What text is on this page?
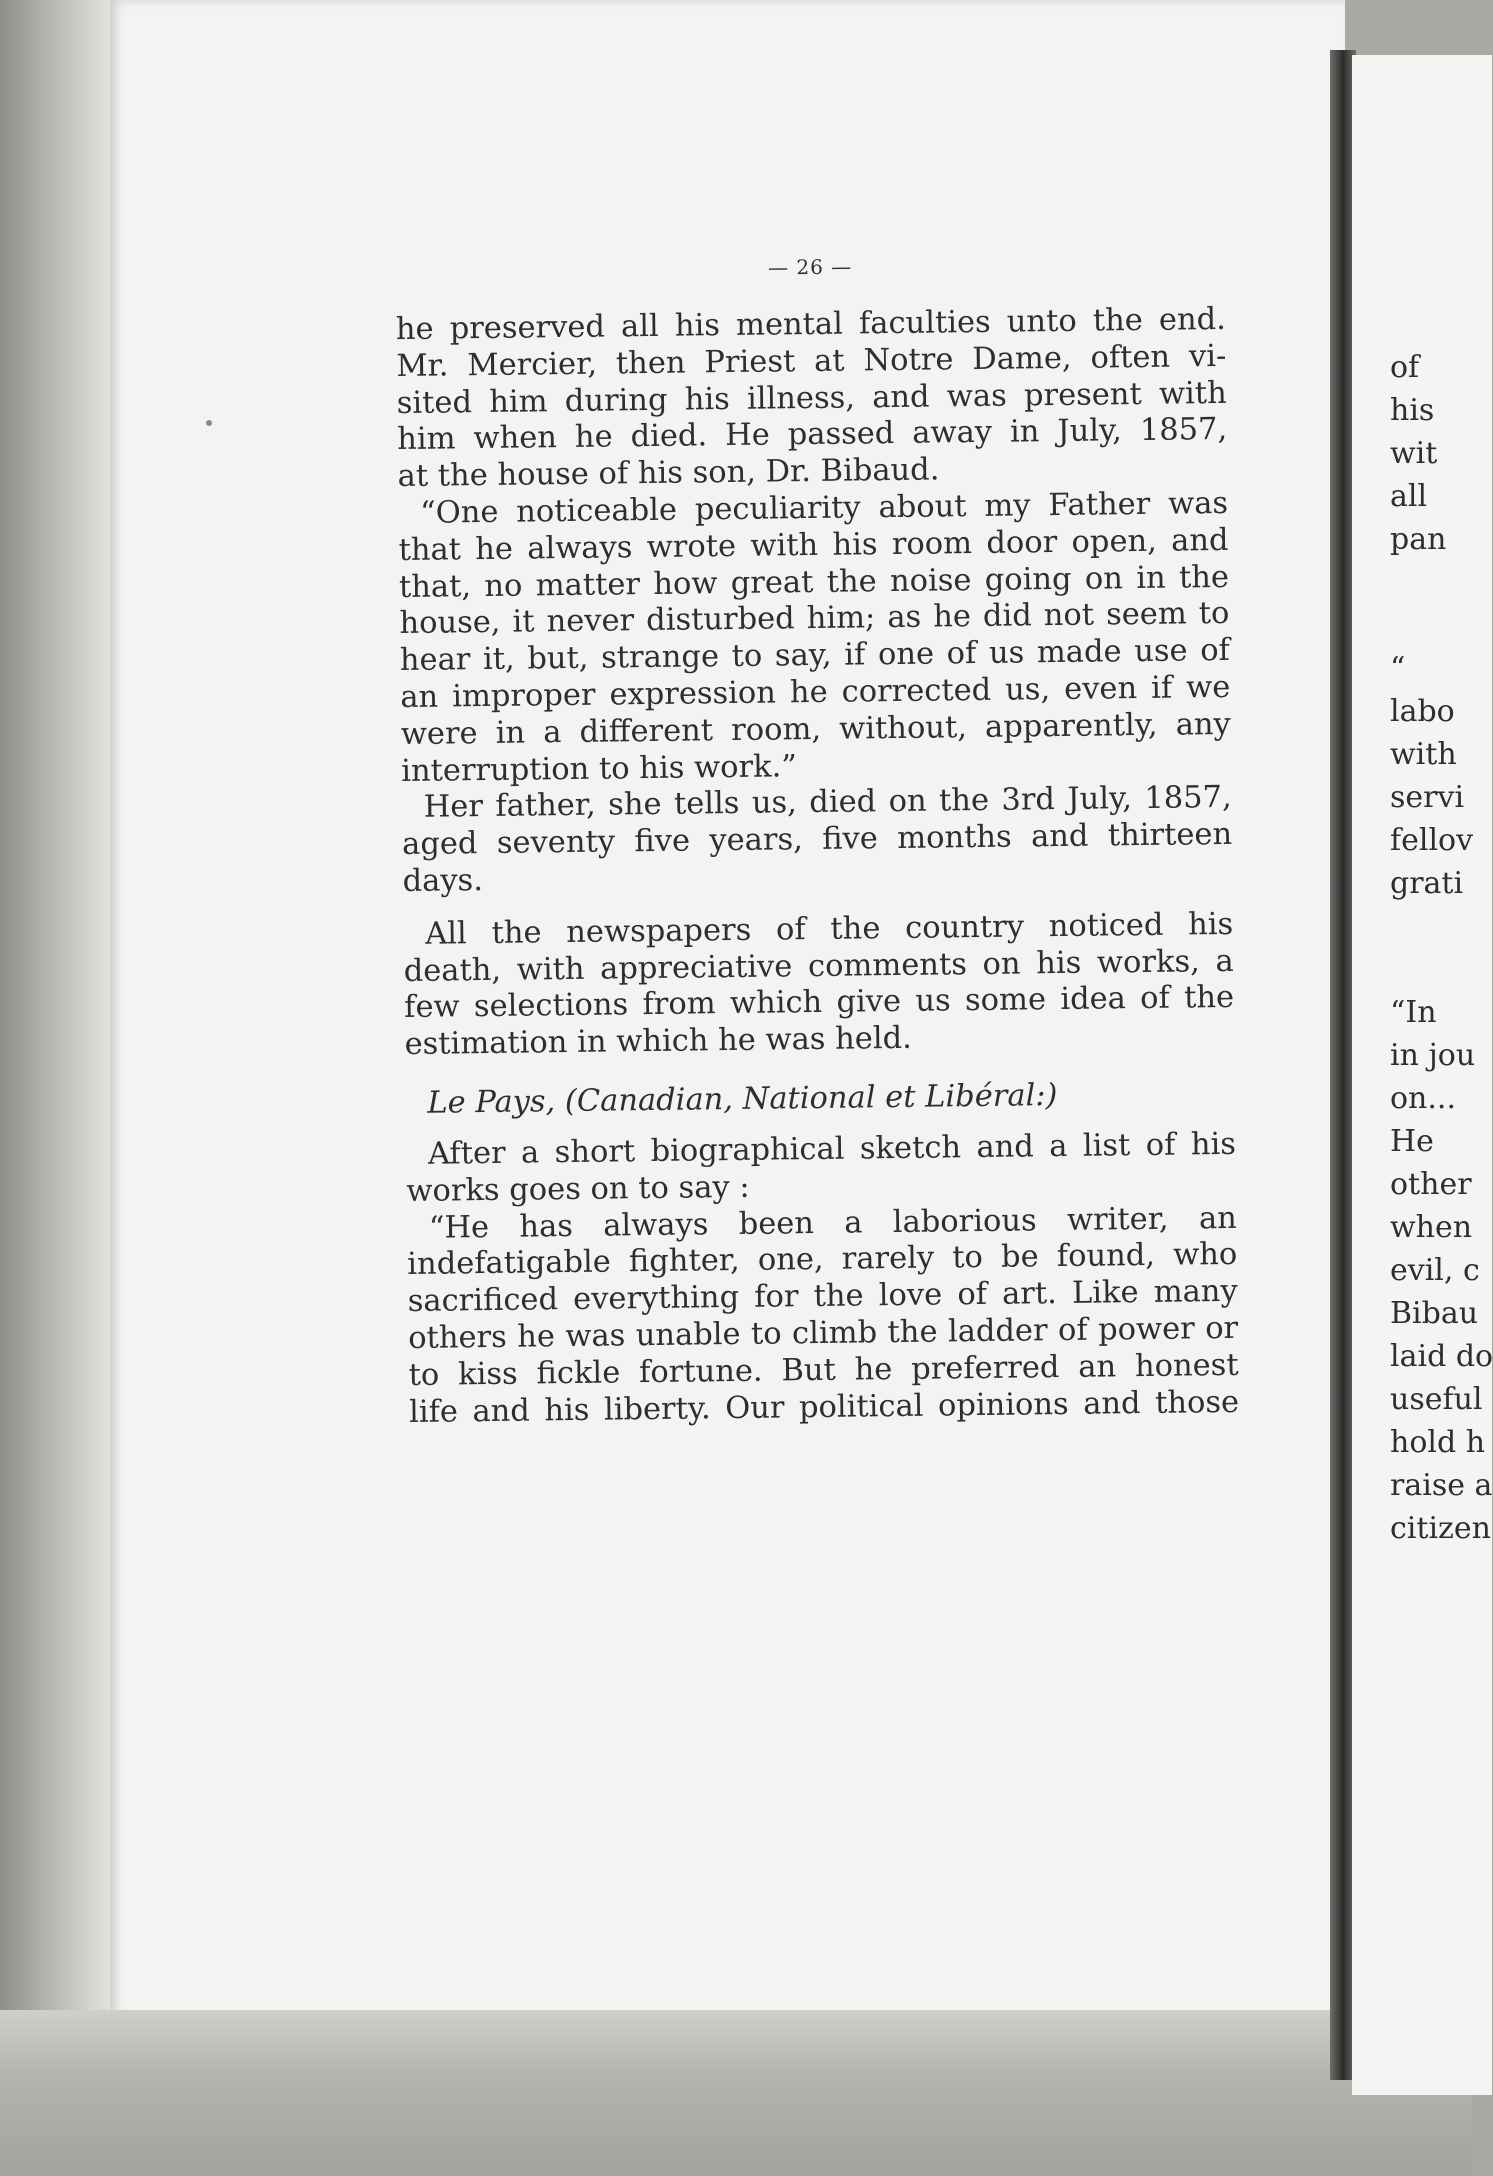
— 26 —
he preserved all his mental faculties unto the end.
Mr. Mercier, then Priest at Notre Dame, often vi-
sited him during his illness, and was present with
him when he died. He passed away in July, 1857,
at the house of his son, Dr. Bibaud.
“One noticeable peculiarity about my Father was
that he always wrote with his room door open, and
that, no matter how great the noise going on in the
house, it never disturbed him; as he did not seem to
hear it, but, strange to say, if one of us made use of
an improper expression he corrected us, even if we
were in a different room, without, apparently, any
interruption to his work.”
Her father, she tells us, died on the 3rd July, 1857,
aged seventy five years, five months and thirteen
days.
All the newspapers of the country noticed his
death, with appreciative comments on his works, a
few selections from which give us some idea of the
estimation in which he was held.
Le Pays, (Canadian, National et Libéral:)
After a short biographical sketch and a list of his
works goes on to say :
“He has always been a laborious writer, an
indefatigable fighter, one, rarely to be found, who
sacrificed everything for the love of art. Like many
others he was unable to climb the ladder of power or
to kiss fickle fortune. But he preferred an honest
life and his liberty. Our political opinions and those
of
his
wit
all
pan
“
labo
with
servi
fellov
grati
“In
in jou
on...
He
other
when
evil, c
Bibau
laid do
useful
hold h
raise a
citizen
